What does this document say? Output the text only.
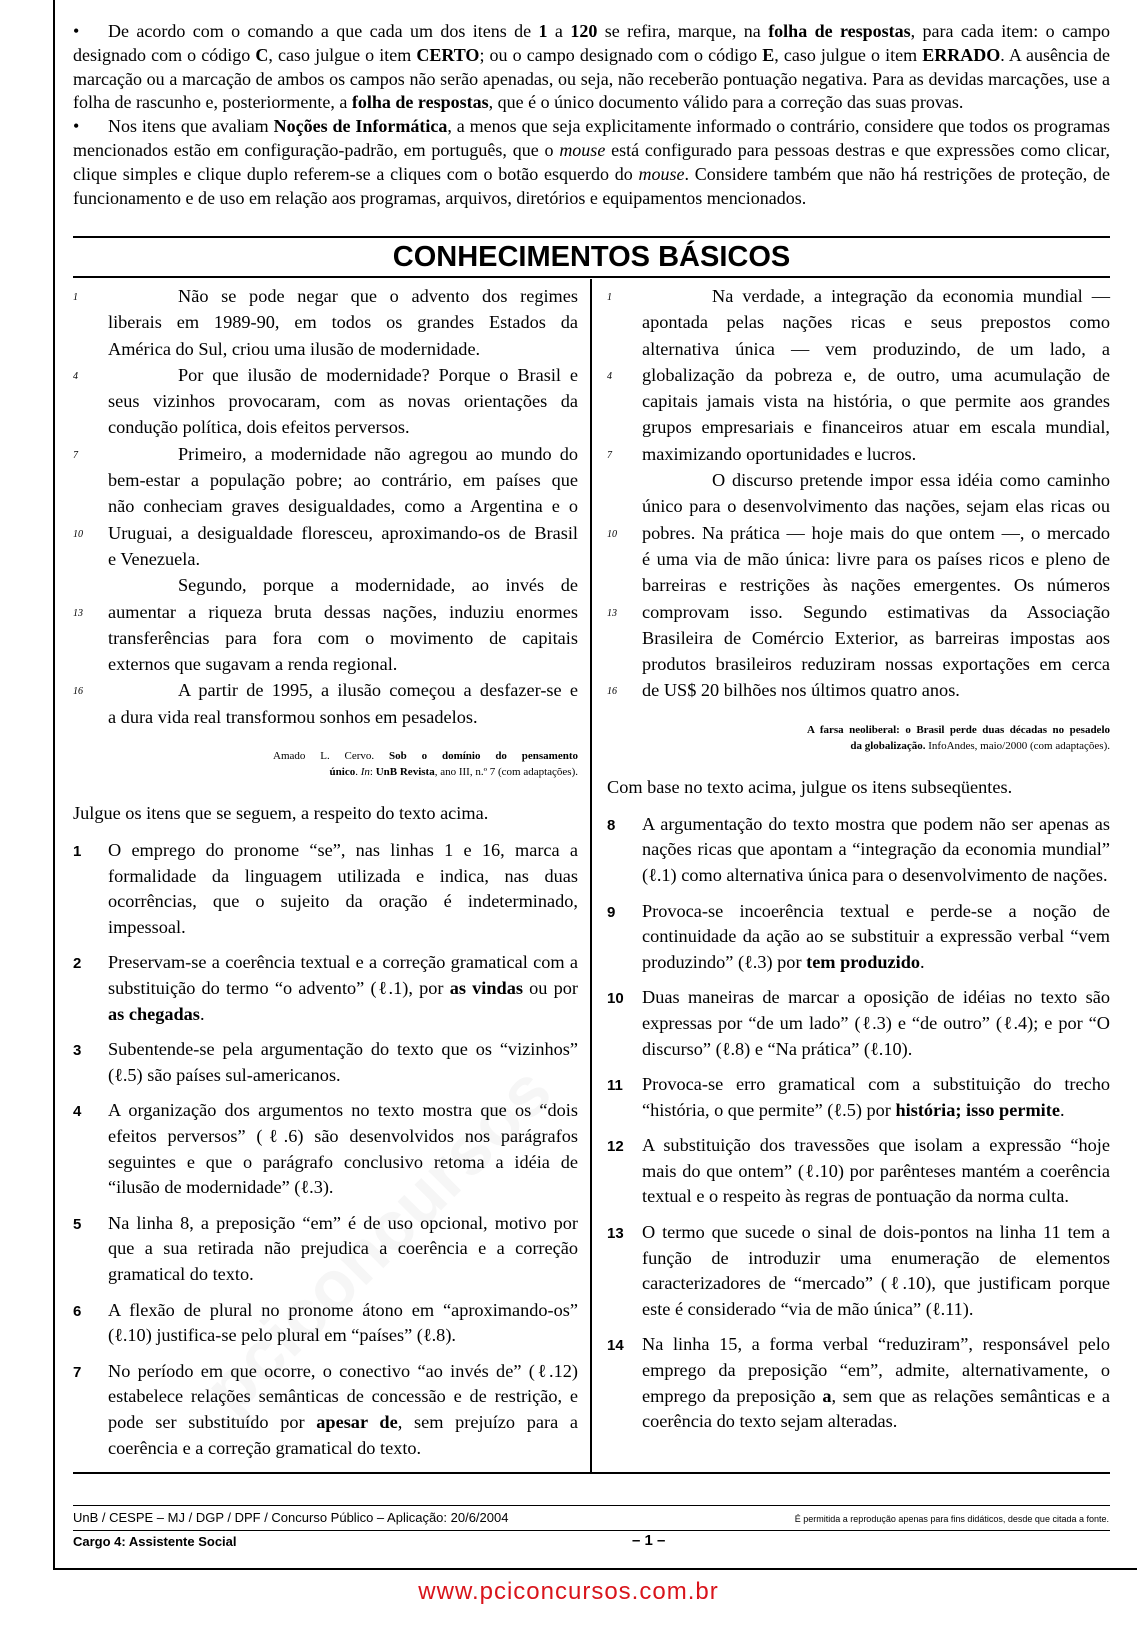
• De acordo com o comando a que cada um dos itens de 1 a 120 se refira, marque, na folha de respostas, para cada item: o campo designado com o código C, caso julgue o item CERTO; ou o campo designado com o código E, caso julgue o item ERRADO. A ausência de marcação ou a marcação de ambos os campos não serão apenadas, ou seja, não receberão pontuação negativa. Para as devidas marcações, use a folha de rascunho e, posteriormente, a folha de respostas, que é o único documento válido para a correção das suas provas.

• Nos itens que avaliam Noções de Informática, a menos que seja explicitamente informado o contrário, considere que todos os programas mencionados estão em configuração-padrão, em português, que o mouse está configurado para pessoas destras e que expressões como clicar, clique simples e clique duplo referem-se a cliques com o botão esquerdo do mouse. Considere também que não há restrições de proteção, de funcionamento e de uso em relação aos programas, arquivos, diretórios e equipamentos mencionados.

CONHECIMENTOS BÁSICOS
1	Não se pode negar que o advento dos regimes
liberais em 1989-90, em todos os grandes Estados da
América do Sul, criou uma ilusão de modernidade.
4	Por que ilusão de modernidade? Porque o Brasil e
seus vizinhos provocaram, com as novas orientações da
condução política, dois efeitos perversos.
7	Primeiro, a modernidade não agregou ao mundo do
bem-estar a população pobre; ao contrário, em países que
não conheciam graves desigualdades, como a Argentina e o
10	Uruguai, a desigualdade floresceu, aproximando-os de Brasil
e Venezuela.
Segundo, porque a modernidade, ao invés de
13	aumentar a riqueza bruta dessas nações, induziu enormes
transferências para fora com o movimento de capitais
externos que sugavam a renda regional.
16	A partir de 1995, a ilusão começou a desfazer-se e
a dura vida real transformou sonhos em pesadelos.
Amado L. Cervo. Sob o domínio do pensamento
único. In: UnB Revista, ano III, n.º 7 (com adaptações).
Julgue os itens que se seguem, a respeito do texto acima.
1 O emprego do pronome “se”, nas linhas 1 e 16, marca a formalidade da linguagem utilizada e indica, nas duas ocorrências, que o sujeito da oração é indeterminado, impessoal.
2 Preservam-se a coerência textual e a correção gramatical com a substituição do termo “o advento” (ℓ.1), por as vindas ou por as chegadas.
3 Subentende-se pela argumentação do texto que os “vizinhos” (ℓ.5) são países sul-americanos.
4 A organização dos argumentos no texto mostra que os “dois efeitos perversos” (ℓ.6) são desenvolvidos nos parágrafos seguintes e que o parágrafo conclusivo retoma a idéia de “ilusão de modernidade” (ℓ.3).
5 Na linha 8, a preposição “em” é de uso opcional, motivo por que a sua retirada não prejudica a coerência e a correção gramatical do texto.
6 A flexão de plural no pronome átono em “aproximando-os” (ℓ.10) justifica-se pelo plural em “países” (ℓ.8).
7 No período em que ocorre, o conectivo “ao invés de” (ℓ.12) estabelece relações semânticas de concessão e de restrição, e pode ser substituído por apesar de, sem prejuízo para a coerência e a correção gramatical do texto.
1	Na verdade, a integração da economia mundial —
apontada pelas nações ricas e seus prepostos como
alternativa única — vem produzindo, de um lado, a
4	globalização da pobreza e, de outro, uma acumulação de
capitais jamais vista na história, o que permite aos grandes
grupos empresariais e financeiros atuar em escala mundial,
7	maximizando oportunidades e lucros.
O discurso pretende impor essa idéia como caminho
único para o desenvolvimento das nações, sejam elas ricas ou
10	pobres. Na prática — hoje mais do que ontem —, o mercado
é uma via de mão única: livre para os países ricos e pleno de
barreiras e restrições às nações emergentes. Os números
13	comprovam isso. Segundo estimativas da Associação
Brasileira de Comércio Exterior, as barreiras impostas aos
produtos brasileiros reduziram nossas exportações em cerca
16	de US$ 20 bilhões nos últimos quatro anos.
A farsa neoliberal: o Brasil perde duas décadas no pesadelo
da globalização. InfoAndes, maio/2000 (com adaptações).
Com base no texto acima, julgue os itens subseqüentes.
8 A argumentação do texto mostra que podem não ser apenas as nações ricas que apontam a “integração da economia mundial” (ℓ.1) como alternativa única para o desenvolvimento de nações.
9 Provoca-se incoerência textual e perde-se a noção de continuidade da ação ao se substituir a expressão verbal “vem produzindo” (ℓ.3) por tem produzido.
10 Duas maneiras de marcar a oposição de idéias no texto são expressas por “de um lado” (ℓ.3) e “de outro” (ℓ.4); e por “O discurso” (ℓ.8) e “Na prática” (ℓ.10).
11 Provoca-se erro gramatical com a substituição do trecho “história, o que permite” (ℓ.5) por história; isso permite.
12 A substituição dos travessões que isolam a expressão “hoje mais do que ontem” (ℓ.10) por parênteses mantém a coerência textual e o respeito às regras de pontuação da norma culta.
13 O termo que sucede o sinal de dois-pontos na linha 11 tem a função de introduzir uma enumeração de elementos caracterizadores de “mercado” (ℓ.10), que justificam porque este é considerado “via de mão única” (ℓ.11).
14 Na linha 15, a forma verbal “reduziram”, responsável pelo emprego da preposição “em”, admite, alternativamente, o emprego da preposição a, sem que as relações semânticas e a coerência do texto sejam alteradas.
UnB / CESPE – MJ / DGP / DPF / Concurso Público – Aplicação: 20/6/2004	É permitida a reprodução apenas para fins didáticos, desde que citada a fonte.
Cargo 4: Assistente Social	– 1 –
www.pciconcursos.com.br
